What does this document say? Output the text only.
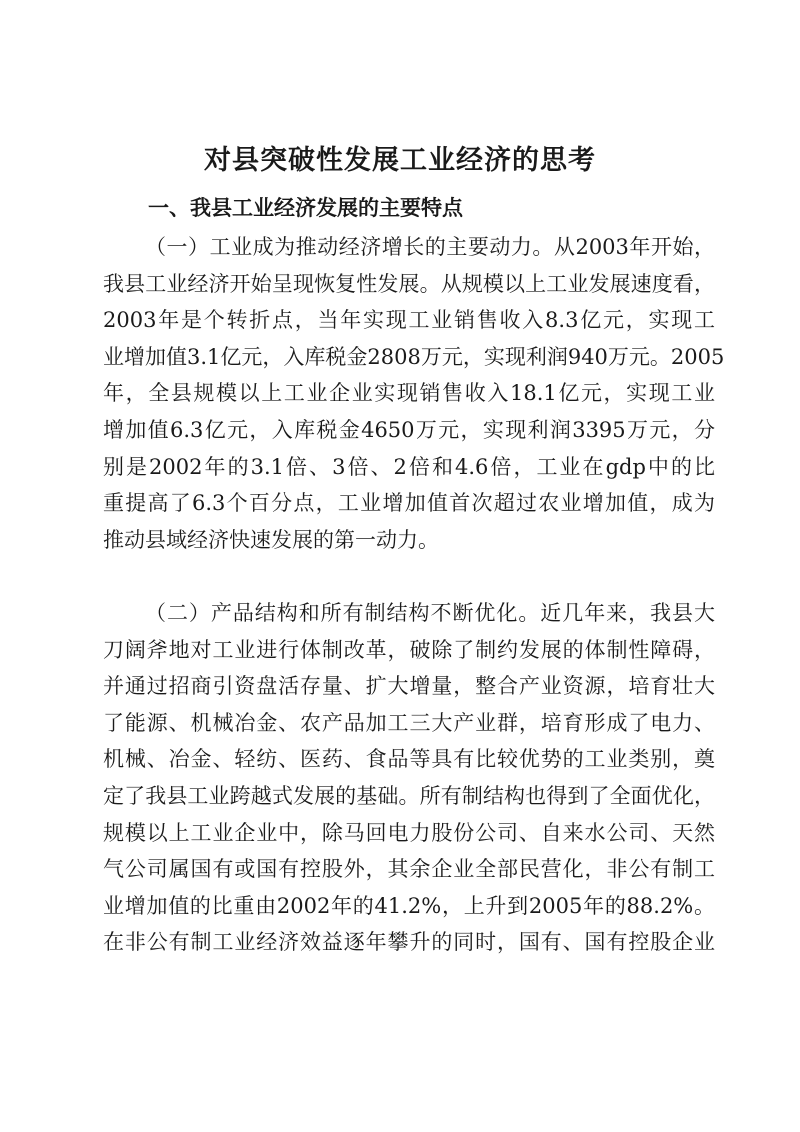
对县突破性发展工业经济的思考
一、我县工业经济发展的主要特点
（一）工业成为推动经济增长的主要动力。从2003年开始，
我县工业经济开始呈现恢复性发展。从规模以上工业发展速度看，
2003年是个转折点，当年实现工业销售收入8.3亿元，实现工
业增加值3.1亿元，入库税金2808万元，实现利润940万元。2005
年，全县规模以上工业企业实现销售收入18.1亿元，实现工业
增加值6.3亿元，入库税金4650万元，实现利润3395万元，分
别是2002年的3.1倍、3倍、2倍和4.6倍，工业在gdp中的比
重提高了6.3个百分点，工业增加值首次超过农业增加值，成为
推动县域经济快速发展的第一动力。
（二）产品结构和所有制结构不断优化。近几年来，我县大
刀阔斧地对工业进行体制改革，破除了制约发展的体制性障碍，
并通过招商引资盘活存量、扩大增量，整合产业资源，培育壮大
了能源、机械冶金、农产品加工三大产业群，培育形成了电力、
机械、冶金、轻纺、医药、食品等具有比较优势的工业类别，奠
定了我县工业跨越式发展的基础。所有制结构也得到了全面优化，
规模以上工业企业中，除马回电力股份公司、自来水公司、天然
气公司属国有或国有控股外，其余企业全部民营化，非公有制工
业增加值的比重由2002年的41.2%，上升到2005年的88.2%。
在非公有制工业经济效益逐年攀升的同时，国有、国有控股企业
